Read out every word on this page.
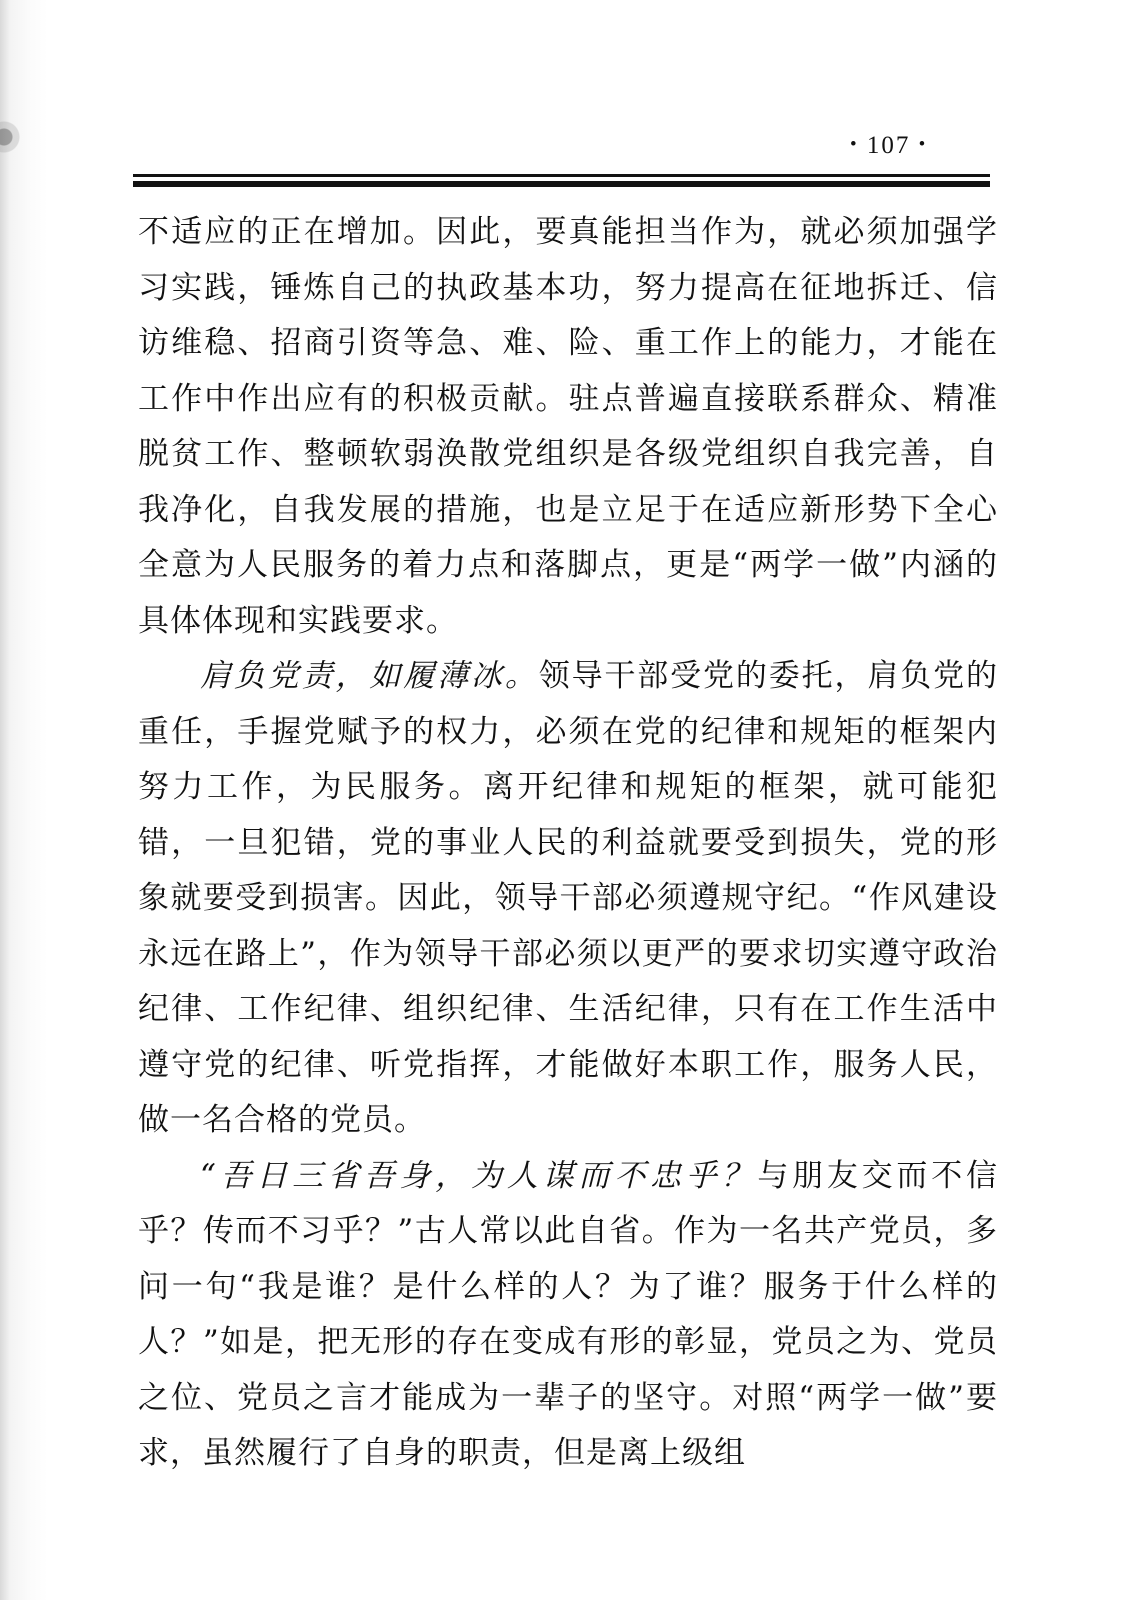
• 107 •

不适应的正在增加。因此，要真能担当作为，就必须加强学习实践，锤炼自己的执政基本功，努力提高在征地拆迁、信访维稳、招商引资等急、难、险、重工作上的能力，才能在工作中作出应有的积极贡献。驻点普遍直接联系群众、精准脱贫工作、整顿软弱涣散党组织是各级党组织自我完善，自我净化，自我发展的措施，也是立足于在适应新形势下全心全意为人民服务的着力点和落脚点，更是“两学一做”内涵的具体体现和实践要求。

肩负党责，如履薄冰。领导干部受党的委托，肩负党的重任，手握党赋予的权力，必须在党的纪律和规矩的框架内努力工作，为民服务。离开纪律和规矩的框架，就可能犯错，一旦犯错，党的事业人民的利益就要受到损失，党的形象就要受到损害。因此，领导干部必须遵规守纪。“作风建设永远在路上”，作为领导干部必须以更严的要求切实遵守政治纪律、工作纪律、组织纪律、生活纪律，只有在工作生活中遵守党的纪律、听党指挥，才能做好本职工作，服务人民，做一名合格的党员。

“吾日三省吾身，为人谋而不忠乎？与朋友交而不信乎？传而不习乎？”古人常以此自省。作为一名共产党员，多问一句“我是谁？是什么样的人？为了谁？服务于什么样的人？”如是，把无形的存在变成有形的彰显，党员之为、党员之位、党员之言才能成为一辈子的坚守。对照“两学一做”要求，虽然履行了自身的职责，但是离上级组
